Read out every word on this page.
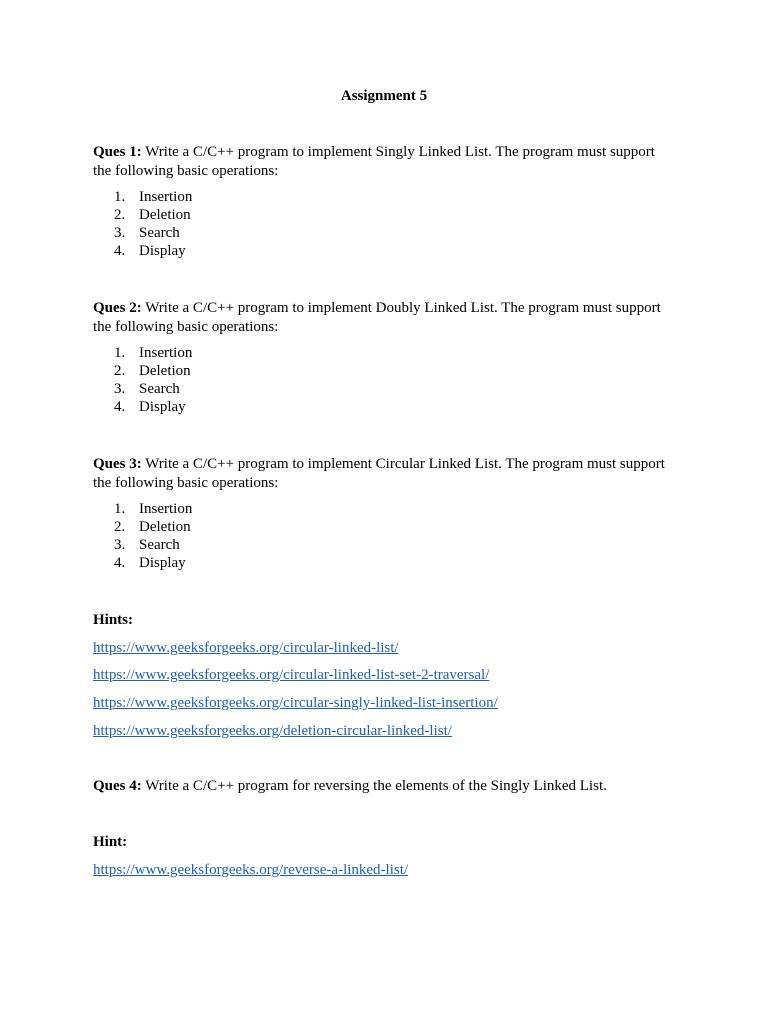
Assignment 5
Ques 1: Write a C/C++ program to implement Singly Linked List. The program must support
the following basic operations:
1. Insertion
2. Deletion
3. Search
4. Display
Ques 2: Write a C/C++ program to implement Doubly Linked List. The program must support
the following basic operations:
1. Insertion
2. Deletion
3. Search
4. Display
Ques 3: Write a C/C++ program to implement Circular Linked List. The program must support
the following basic operations:
1. Insertion
2. Deletion
3. Search
4. Display
Hints:
https://www.geeksforgeeks.org/circular-linked-list/
https://www.geeksforgeeks.org/circular-linked-list-set-2-traversal/
https://www.geeksforgeeks.org/circular-singly-linked-list-insertion/
https://www.geeksforgeeks.org/deletion-circular-linked-list/
Ques 4: Write a C/C++ program for reversing the elements of the Singly Linked List.
Hint:
https://www.geeksforgeeks.org/reverse-a-linked-list/
